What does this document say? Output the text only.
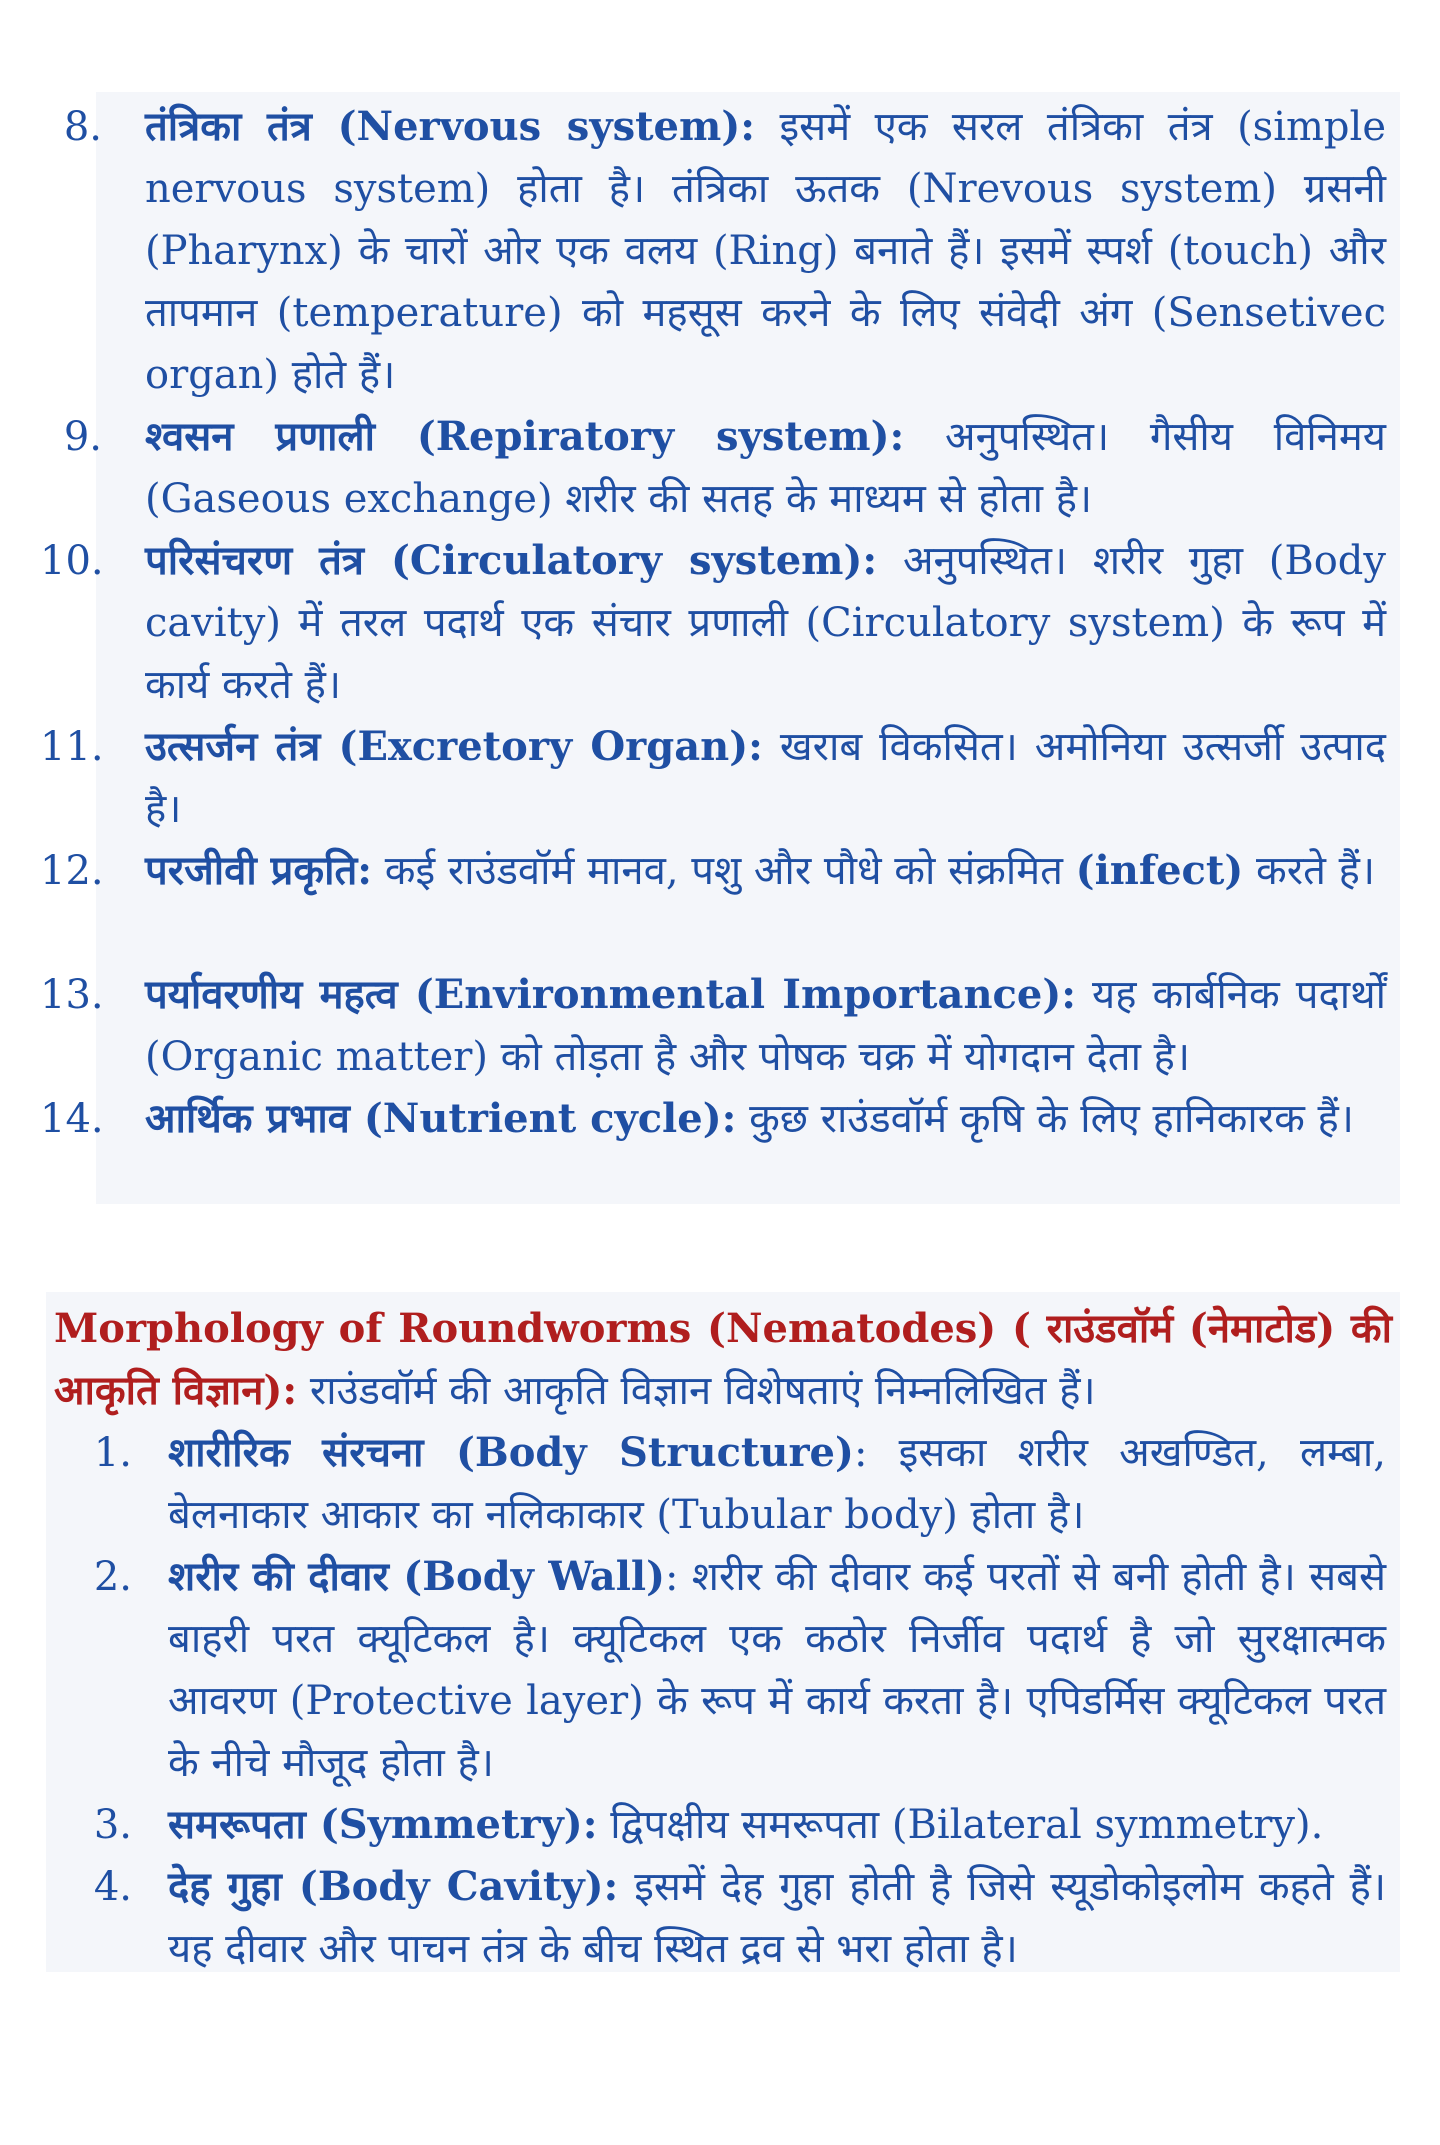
8. तंत्रिका तंत्र (Nervous system): इसमें एक सरल तंत्रिका तंत्र (simple nervous system) होता है। तंत्रिका ऊतक (Nrevous system) ग्रसनी (Pharynx) के चारों ओर एक वलय (Ring) बनाते हैं। इसमें स्पर्श (touch) और तापमान (temperature) को महसूस करने के लिए संवेदी अंग (Sensetivec organ) होते हैं।
9. श्वसन प्रणाली (Repiratory system): अनुपस्थित। गैसीय विनिमय (Gaseous exchange) शरीर की सतह के माध्यम से होता है।
10. परिसंचरण तंत्र (Circulatory system): अनुपस्थित। शरीर गुहा (Body cavity) में तरल पदार्थ एक संचार प्रणाली (Circulatory system) के रूप में कार्य करते हैं।
11. उत्सर्जन तंत्र (Excretory Organ): खराब विकसित। अमोनिया उत्सर्जी उत्पाद है।
12. परजीवी प्रकृति: कई राउंडवॉर्म मानव, पशु और पौधे को संक्रमित (infect) करते हैं।
13. पर्यावरणीय महत्व (Environmental Importance): यह कार्बनिक पदार्थों (Organic matter) को तोड़ता है और पोषक चक्र में योगदान देता है।
14. आर्थिक प्रभाव (Nutrient cycle): कुछ राउंडवॉर्म कृषि के लिए हानिकारक हैं।
Morphology of Roundworms (Nematodes) ( राउंडवॉर्म (नेमाटोड) की आकृति विज्ञान): राउंडवॉर्म की आकृति विज्ञान विशेषताएं निम्नलिखित हैं।
1. शारीरिक संरचना (Body Structure): इसका शरीर अखण्डित, लम्बा, बेलनाकार आकार का नलिकाकार (Tubular body) होता है।
2. शरीर की दीवार (Body Wall): शरीर की दीवार कई परतों से बनी होती है। सबसे बाहरी परत क्यूटिकल है। क्यूटिकल एक कठोर निर्जीव पदार्थ है जो सुरक्षात्मक आवरण (Protective layer) के रूप में कार्य करता है। एपिडर्मिस क्यूटिकल परत के नीचे मौजूद होता है।
3. समरूपता (Symmetry): द्विपक्षीय समरूपता (Bilateral symmetry).
4. देह गुहा (Body Cavity): इसमें देह गुहा होती है जिसे स्यूडोकोइलोम कहते हैं। यह दीवार और पाचन तंत्र के बीच स्थित द्रव से भरा होता है।
